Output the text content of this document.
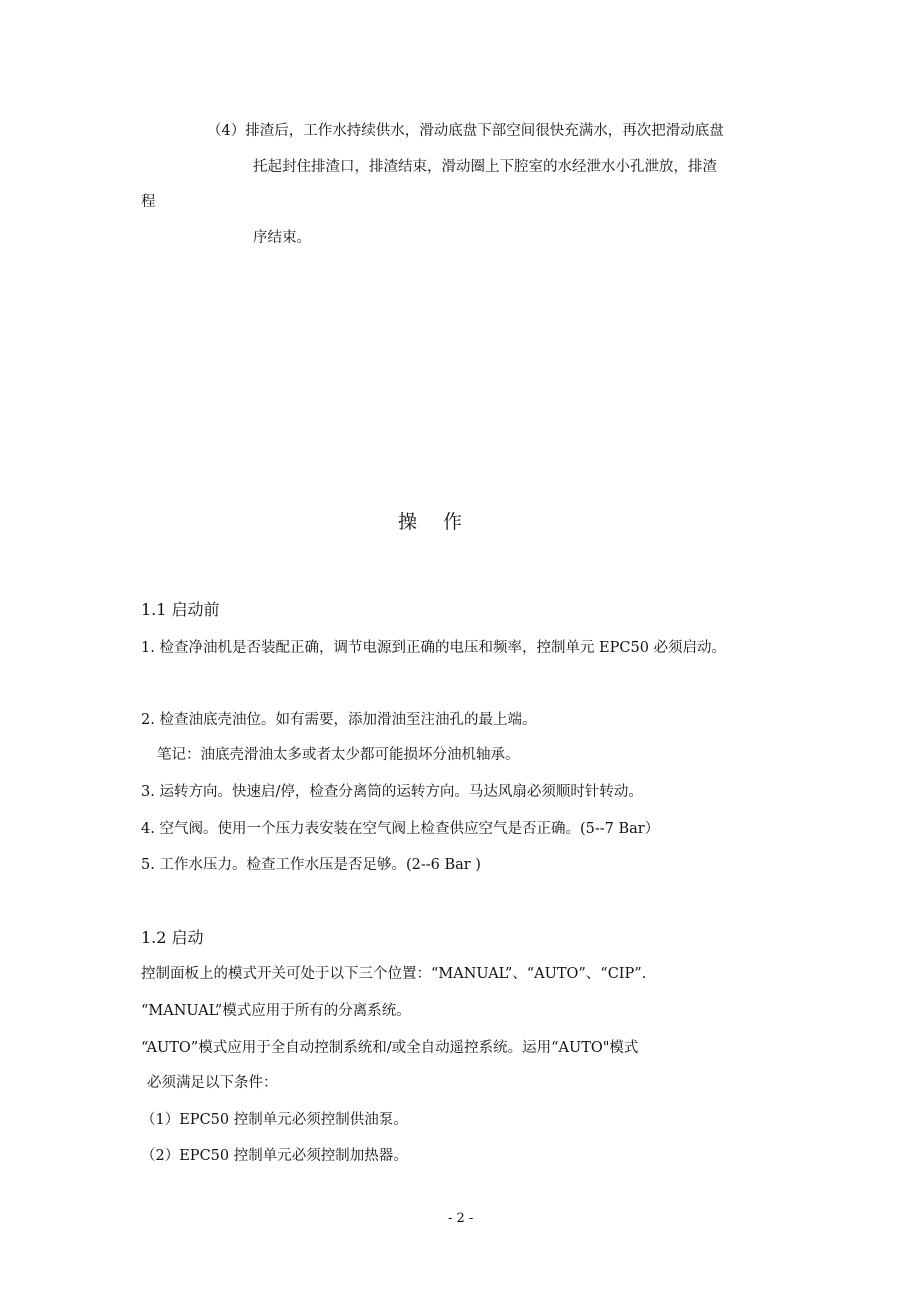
（4）排渣后，工作水持续供水，滑动底盘下部空间很快充满水，再次把滑动底盘
托起封住排渣口，排渣结束，滑动圈上下腔室的水经泄水小孔泄放，排渣
程
序结束。
操 作
1.1 启动前
1. 检查净油机是否装配正确，调节电源到正确的电压和频率，控制单元 EPC50 必须启动。
2. 检查油底壳油位。如有需要，添加滑油至注油孔的最上端。
笔记：油底壳滑油太多或者太少都可能损坏分油机轴承。
3. 运转方向。快速启/停，检查分离筒的运转方向。马达风扇必须顺时针转动。
4. 空气阀。使用一个压力表安装在空气阀上检查供应空气是否正确。(5--7 Bar）
5. 工作水压力。检查工作水压是否足够。(2--6 Bar )
1.2 启动
控制面板上的模式开关可处于以下三个位置：“MANUAL”、“AUTO”、“CIP”.
“MANUAL”模式应用于所有的分离系统。
“AUTO”模式应用于全自动控制系统和/或全自动遥控系统。运用“AUTO"模式
必须满足以下条件：
（1）EPC50 控制单元必须控制供油泵。
（2）EPC50 控制单元必须控制加热器。
- 2 -
